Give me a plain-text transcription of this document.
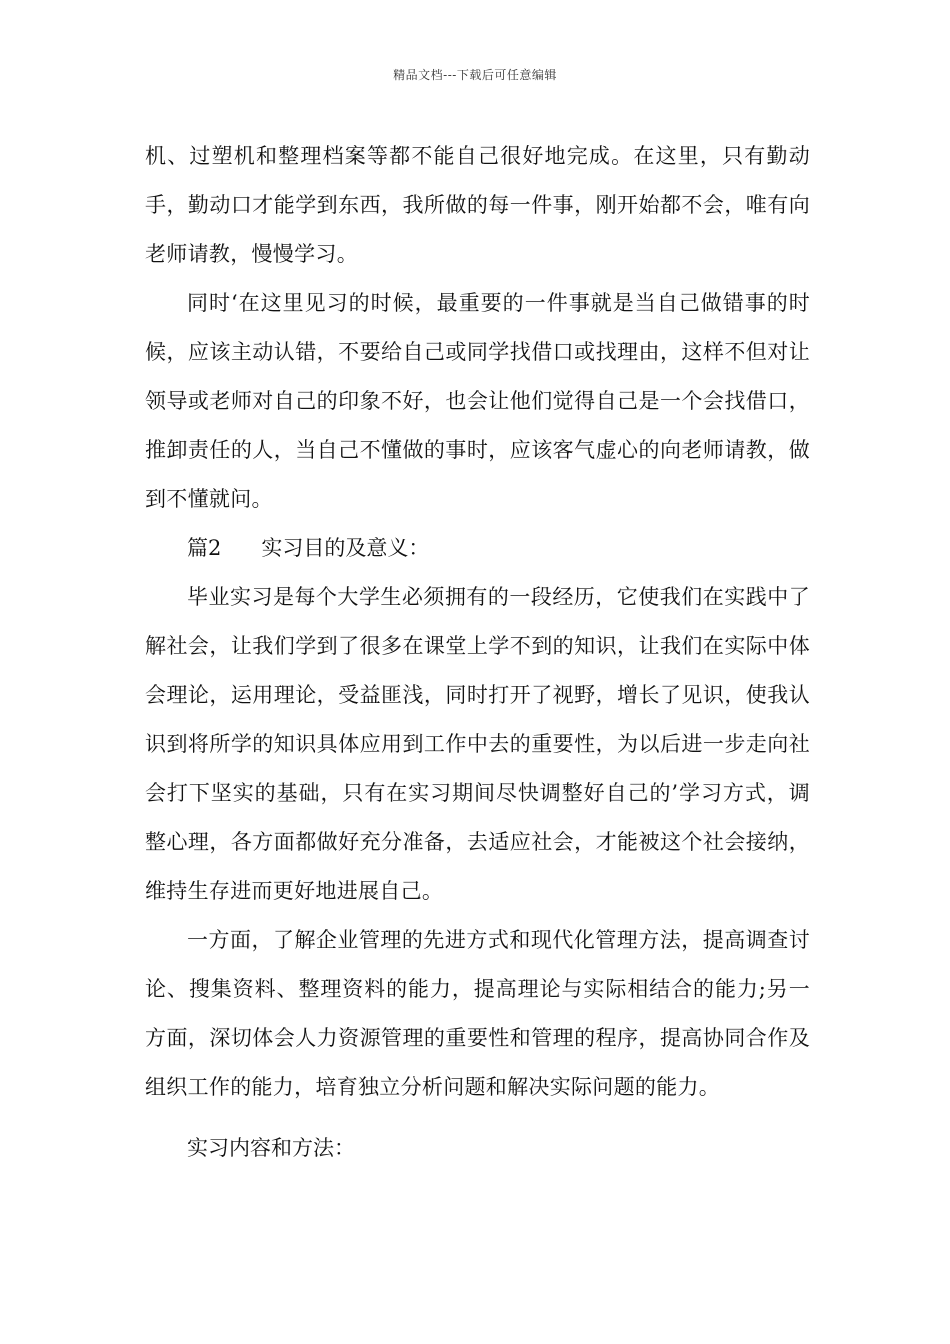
精品文档---下载后可任意编辑

机、过塑机和整理档案等都不能自己很好地完成。在这里，只有勤动手，勤动口才能学到东西，我所做的每一件事，刚开始都不会，唯有向老师请教，慢慢学习。

同时‘在这里见习的时候，最重要的一件事就是当自己做错事的时候，应该主动认错，不要给自己或同学找借口或找理由，这样不但对让领导或老师对自己的印象不好，也会让他们觉得自己是一个会找借口，推卸责任的人，当自己不懂做的事时，应该客气虚心的向老师请教，做到不懂就问。

篇2 实习目的及意义：

毕业实习是每个大学生必须拥有的一段经历，它使我们在实践中了解社会，让我们学到了很多在课堂上学不到的知识，让我们在实际中体会理论，运用理论，受益匪浅，同时打开了视野，增长了见识，使我认识到将所学的知识具体应用到工作中去的重要性，为以后进一步走向社会打下坚实的基础，只有在实习期间尽快调整好自己的’学习方式，调整心理，各方面都做好充分准备，去适应社会，才能被这个社会接纳，维持生存进而更好地进展自己。

一方面，了解企业管理的先进方式和现代化管理方法，提高调查讨论、搜集资料、整理资料的能力，提高理论与实际相结合的能力;另一方面，深切体会人力资源管理的重要性和管理的程序，提高协同合作及组织工作的能力，培育独立分析问题和解决实际问题的能力。

实习内容和方法：
